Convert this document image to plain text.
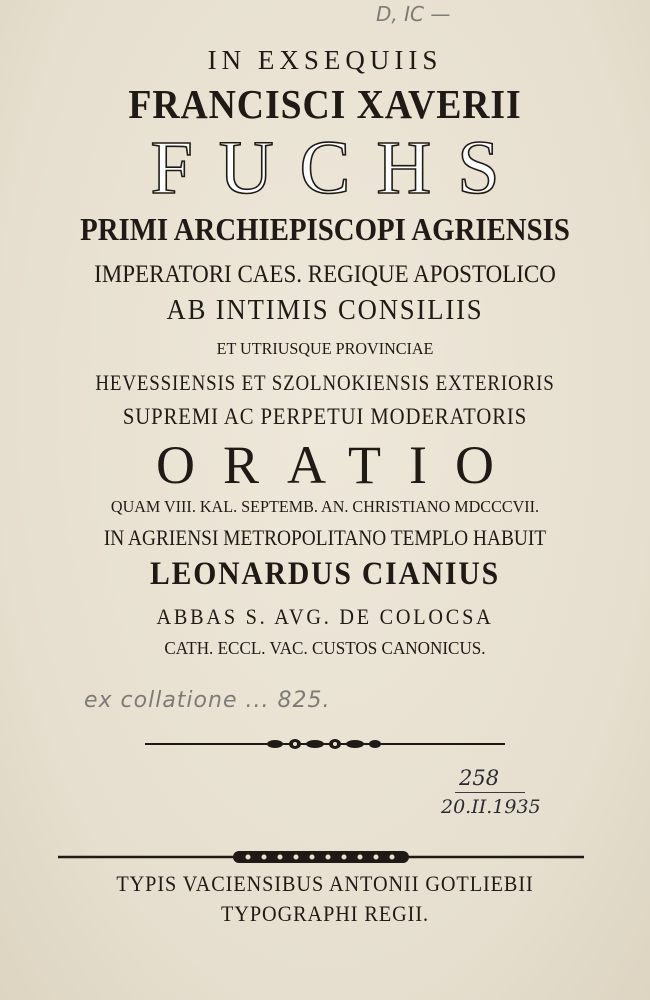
D, IC —
IN EXSEQUIIS
FRANCISCI XAVERII
FUCHS
PRIMI ARCHIEPISCOPI AGRIENSIS
IMPERATORI CAES. REGIQUE APOSTOLICO
AB INTIMIS CONSILIIS
ET UTRIUSQUE PROVINCIAE
HEVESSIENSIS ET SZOLNOKIENSIS EXTERIORIS
SUPREMI AC PERPETUI MODERATORIS
ORATIO
QUAM VIII. KAL. SEPTEMB. AN. CHRISTIANO MDCCCVII.
IN AGRIENSI METROPOLITANO TEMPLO HABUIT
LEONARDUS CIANIUS
ABBAS S. AVG. DE COLOCSA
CATH. ECCL. VAC. CUSTOS CANONICUS.
ex collatione ... 825.
258
20.II.1935
TYPIS VACIENSIBUS ANTONII GOTLIEBII
TYPOGRAPHI REGII.
